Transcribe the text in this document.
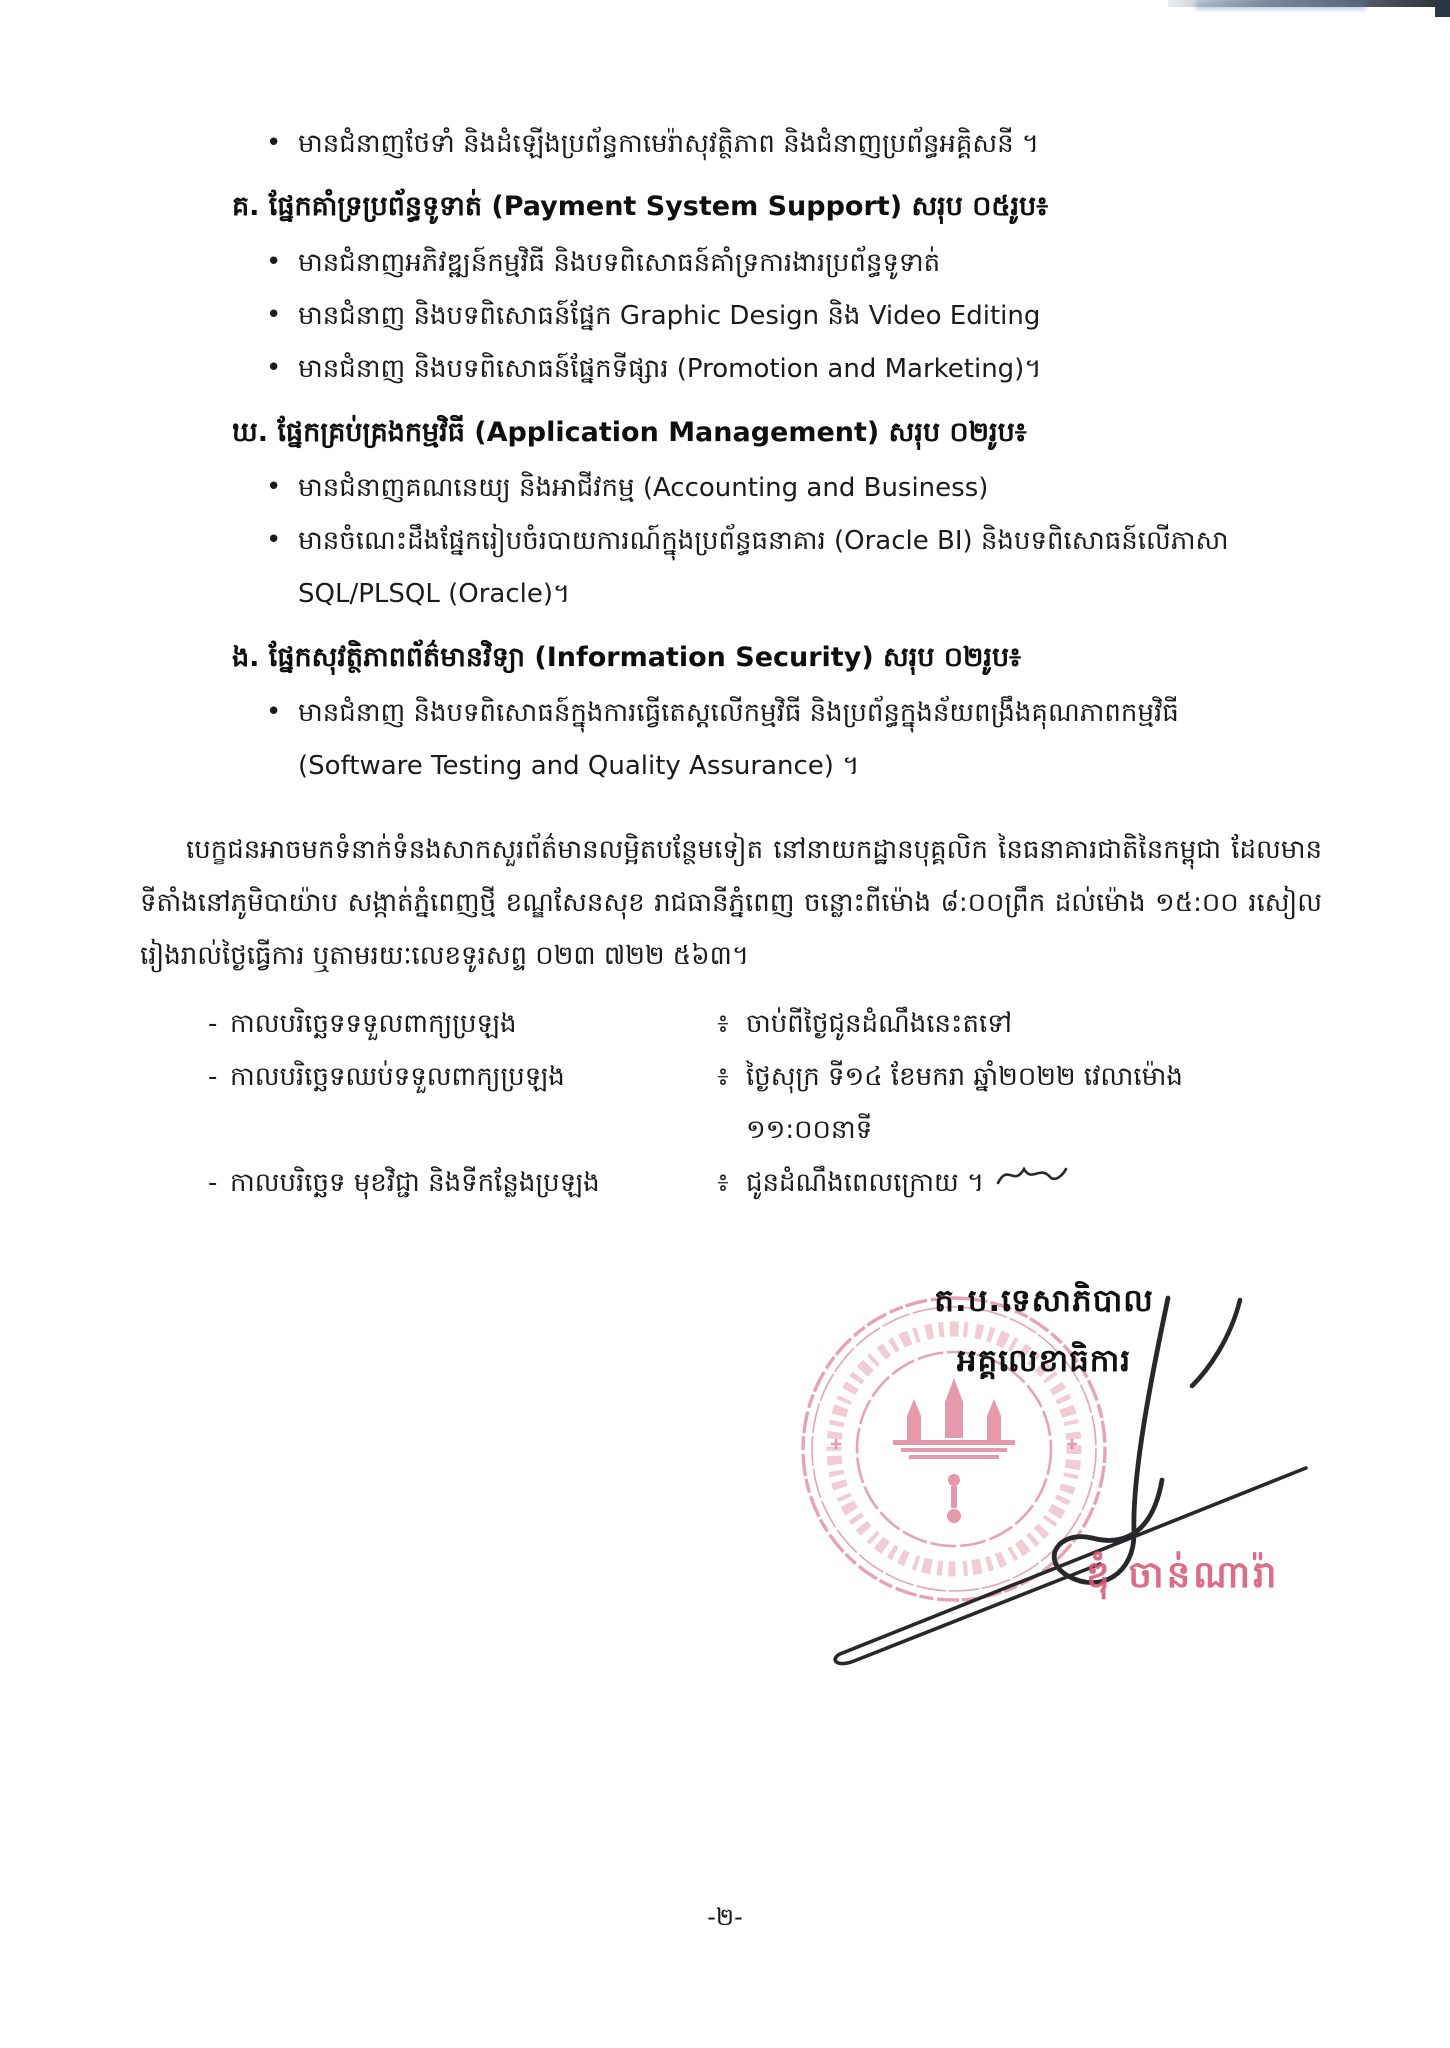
• មានជំនាញថែទាំ និងដំឡើងប្រព័ន្ធកាមេរ៉ាសុវត្ថិភាព និងជំនាញប្រព័ន្ធអគ្គិសនី ។
គ. ផ្នែកគាំទ្រប្រព័ន្ធទូទាត់ (Payment System Support) សរុប ០៥រូប៖
• មានជំនាញអភិវឌ្ឍន៍កម្មវិធី និងបទពិសោធន៍គាំទ្រការងារប្រព័ន្ធទូទាត់
• មានជំនាញ និងបទពិសោធន៍ផ្នែក Graphic Design និង Video Editing
• មានជំនាញ និងបទពិសោធន៍ផ្នែកទីផ្សារ (Promotion and Marketing)។
ឃ. ផ្នែកគ្រប់គ្រងកម្មវិធី (Application Management) សរុប ០២រូប៖
• មានជំនាញគណនេយ្យ និងអាជីវកម្ម (Accounting and Business)
• មានចំណេះដឹងផ្នែករៀបចំរបាយការណ៍ក្នុងប្រព័ន្ធធនាគារ (Oracle BI) និងបទពិសោធន៍លើភាសា SQL/PLSQL (Oracle)។
ង. ផ្នែកសុវត្ថិភាពព័ត៌មានវិទ្យា (Information Security) សរុប ០២រូប៖
• មានជំនាញ និងបទពិសោធន៍ក្នុងការធ្វើតេស្តលើកម្មវិធី និងប្រព័ន្ធក្នុងន័យពង្រឹងគុណភាពកម្មវិធី (Software Testing and Quality Assurance) ។

បេក្ខជនអាចមកទំនាក់ទំនងសាកសួរព័ត៌មានលម្អិតបន្ថែមទៀត នៅនាយកដ្ឋានបុគ្គលិក នៃធនាគារជាតិនៃកម្ពុជា ដែលមានទីតាំងនៅភូមិបាយ៉ាប សង្កាត់ភ្នំពេញថ្មី ខណ្ឌសែនសុខ រាជធានីភ្នំពេញ ចន្លោះពីម៉ោង ៨:០០ព្រឹក ដល់ម៉ោង ១៥:០០ រសៀល រៀងរាល់ថ្ងៃធ្វើការ ឬតាមរយៈលេខទូរសព្ទ ០២៣ ៧២២ ៥៦៣។

- កាលបរិច្ឆេទទទួលពាក្យប្រឡង	៖ ចាប់ពីថ្ងៃជូនដំណឹងនេះតទៅ
- កាលបរិច្ឆេទឈប់ទទួលពាក្យប្រឡង	៖ ថ្ងៃសុក្រ ទី១៤ ខែមករា ឆ្នាំ២០២២ វេលាម៉ោង ១១:០០នាទី
- កាលបរិច្ឆេទ មុខវិជ្ជា និងទីកន្លែងប្រឡង	៖ ជូនដំណឹងពេលក្រោយ ។
ត.ប.ទេសាភិបាល
អគ្គលេខាធិការ
ឌុំ ចាន់ណារ៉ា
-២-
